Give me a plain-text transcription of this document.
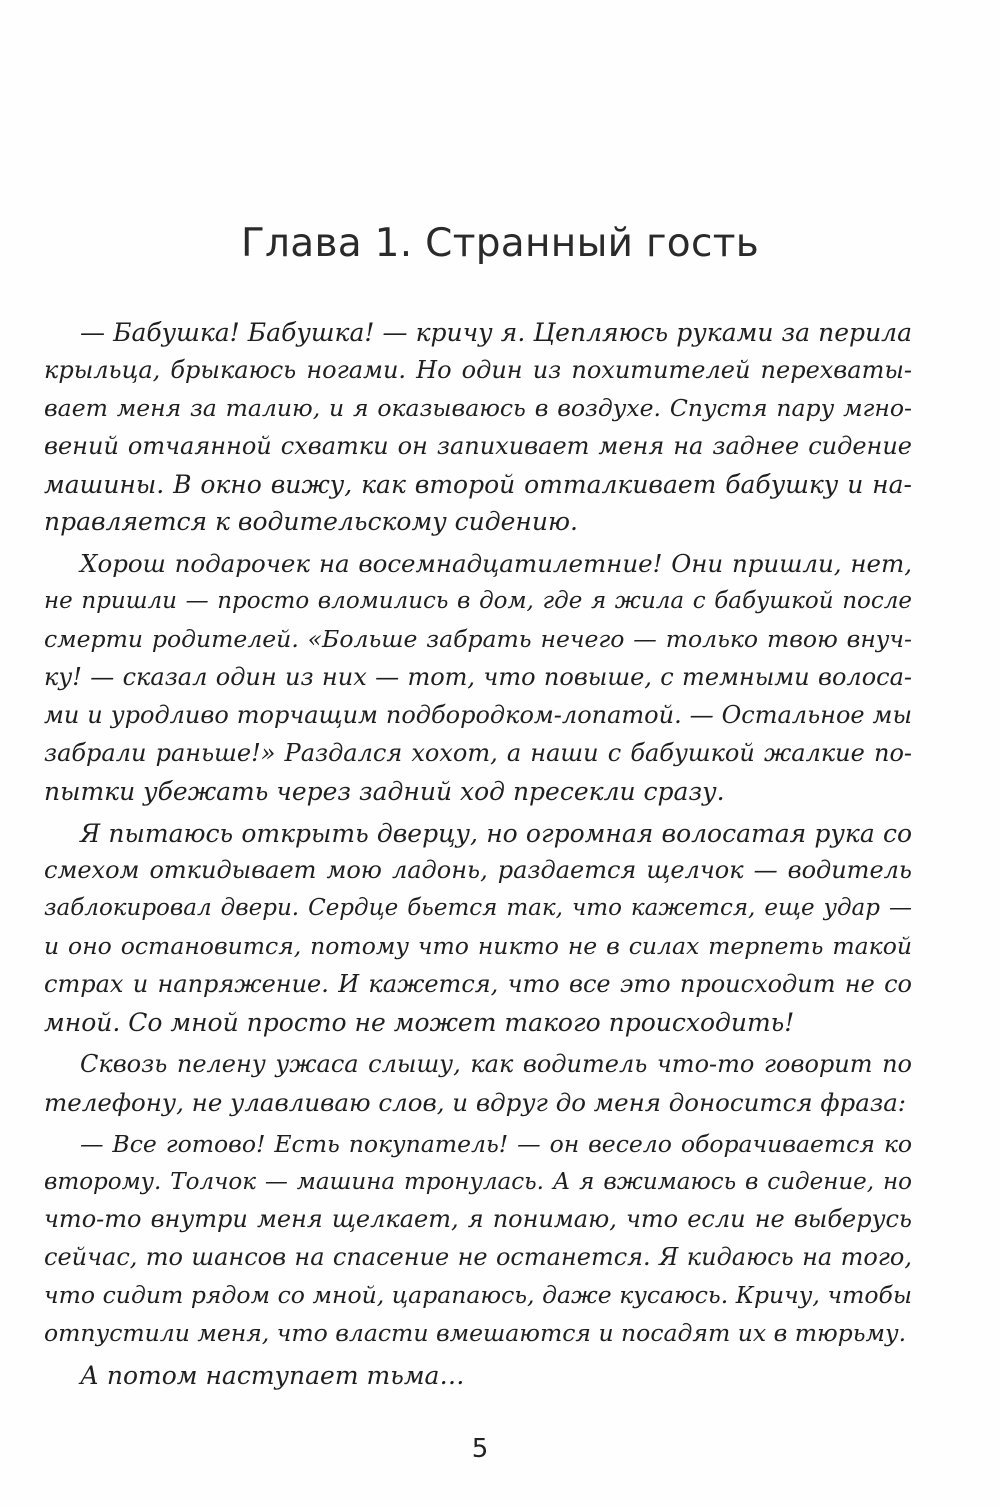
Глава 1. Странный гость

— Бабушка! Бабушка! — кричу я. Цепляюсь руками за перила
крыльца, брыкаюсь ногами. Но один из похитителей перехваты-
вает меня за талию, и я оказываюсь в воздухе. Спустя пару мгно-
вений отчаянной схватки он запихивает меня на заднее сидение
машины. В окно вижу, как второй отталкивает бабушку и на-
правляется к водительскому сидению.

Хорош подарочек на восемнадцатилетние! Они пришли, нет,
не пришли — просто вломились в дом, где я жила с бабушкой после
смерти родителей. «Больше забрать нечего — только твою внуч-
ку! — сказал один из них — тот, что повыше, с темными волоса-
ми и уродливо торчащим подбородком-лопатой. — Остальное мы
забрали раньше!» Раздался хохот, а наши с бабушкой жалкие по-
пытки убежать через задний ход пресекли сразу.

Я пытаюсь открыть дверцу, но огромная волосатая рука со
смехом откидывает мою ладонь, раздается щелчок — водитель
заблокировал двери. Сердце бьется так, что кажется, еще удар —
и оно остановится, потому что никто не в силах терпеть такой
страх и напряжение. И кажется, что все это происходит не со
мной. Со мной просто не может такого происходить!

Сквозь пелену ужаса слышу, как водитель что-то говорит по
телефону, не улавливаю слов, и вдруг до меня доносится фраза:

— Все готово! Есть покупатель! — он весело оборачивается ко
второму. Толчок — машина тронулась. А я вжимаюсь в сидение, но
что-то внутри меня щелкает, я понимаю, что если не выберусь
сейчас, то шансов на спасение не останется. Я кидаюсь на того,
что сидит рядом со мной, царапаюсь, даже кусаюсь. Кричу, чтобы
отпустили меня, что власти вмешаются и посадят их в тюрьму.

А потом наступает тьма…

5
